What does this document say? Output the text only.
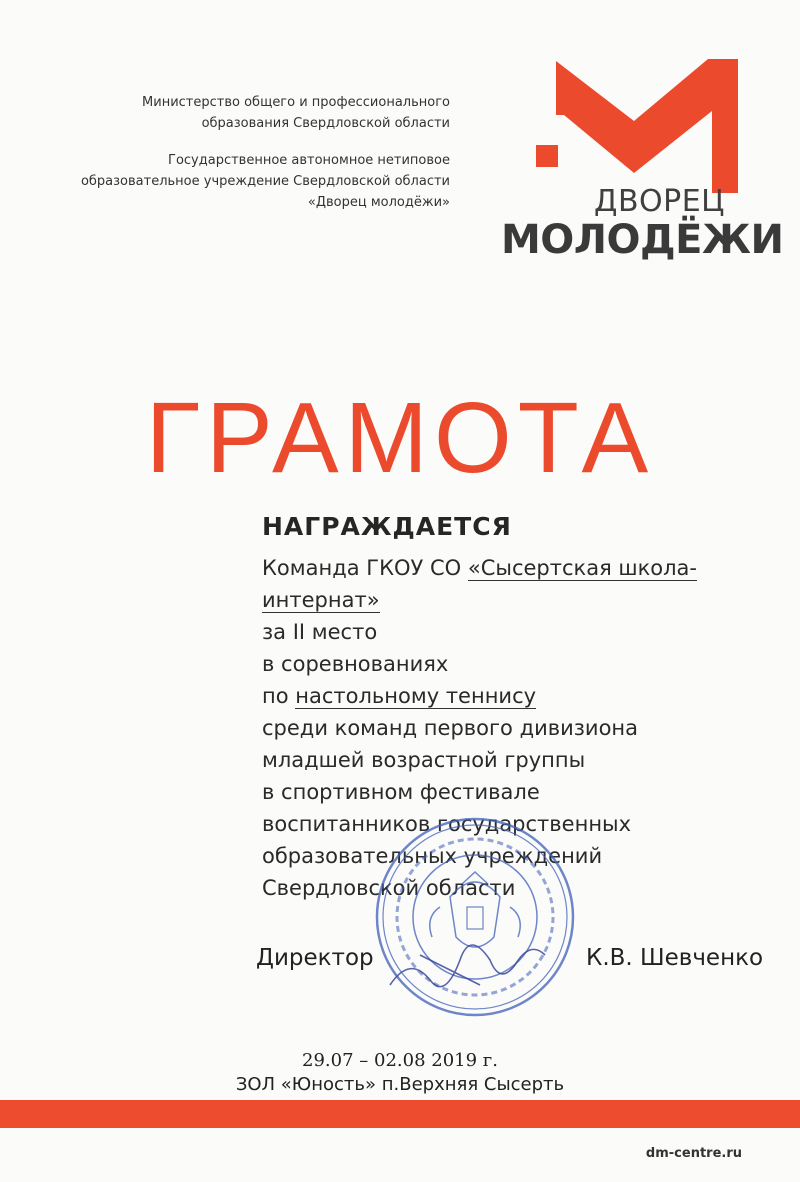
Министерство общего и профессионального
образования Свердловской области
Государственное автономное нетиповое
образовательное учреждение Свердловской области
«Дворец молодёжи»	ДВОРЕЦ
МОЛОДЁЖИ
ГРАМОТА
НАГРАЖДАЕТСЯ
Команда ГКОУ СО «Сысертская школа-
интернат»
за II место
в соревнованиях
по настольному теннису
среди команд первого дивизиона
младшей возрастной группы
в спортивном фестивале
воспитанников государственных
образовательных учреждений
Свердловской области
Директор	К.В. Шевченко
29.07 – 02.08 2019 г.
ЗОЛ «Юность» п.Верхняя Сысерть
dm-centre.ru
